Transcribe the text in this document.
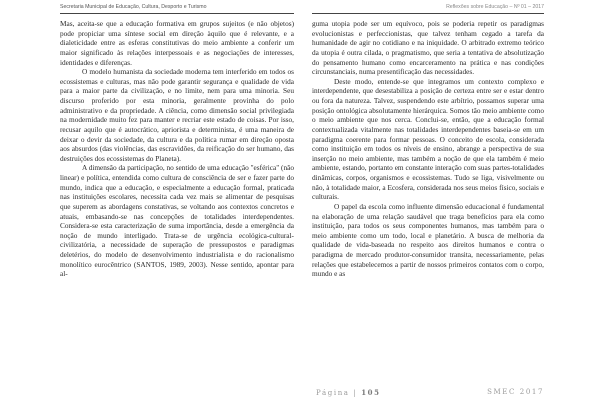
Secretaria Municipal de Educação, Cultura, Desporto e Turismo

Mas, aceita-se que a educação formativa em grupos sujeitos (e não objetos) pode propiciar uma síntese social em direção àquilo que é relevante, e a dialeticidade entre as esferas constitutivas do meio ambiente a conferir um maior significado às relações interpessoais e as negociações de interesses, identidades e diferenças.

O modelo humanista da sociedade moderna tem interferido em todos os ecossistemas e culturas, mas não pode garantir segurança e qualidade de vida para a maior parte da civilização, e no limite, nem para uma minoria. Seu discurso proferido por esta minoria, geralmente provinha do polo administrativo e da propriedade. A ciência, como dimensão social privilegiada na modernidade muito fez para manter e recriar este estado de coisas. Por isso, recusar aquilo que é autocrático, apriorista e determinista, é uma maneira de deixar o devir da sociedade, da cultura e da política rumar em direção oposta aos absurdos (das violências, das escravidões, da reificação do ser humano, das destruições dos ecossistemas do Planeta).

A dimensão da participação, no sentido de uma educação "esférica" (não linear) e política, entendida como cultura de consciência de ser e fazer parte do mundo, indica que a educação, e especialmente a educação formal, praticada nas instituições escolares, necessita cada vez mais se alimentar de pesquisas que superem as abordagens constativas, se voltando aos contextos concretos e atuais, embasando-se nas concepções de totalidades interdependentes. Considera-se esta caracterização de suma importância, desde a emergência da noção de mundo interligado. Trata-se de urgência ecológica-cultural- civilizatória, a necessidade de superação de pressupostos e paradigmas deletérios, do modelo de desenvolvimento industrialista e do racionalismo monolítico eurocêntrico (SANTOS, 1989, 2003). Nesse sentido, apontar para al-

Reflexões sobre Educação – Nº 01 – 2017

guma utopia pode ser um equívoco, pois se poderia repetir os paradigmas evolucionistas e perfeccionistas, que talvez tenham cegado a tarefa da humanidade de agir no cotidiano e na iniquidade. O arbitrado extremo teórico da utopia é outra cilada, o pragmatismo, que seria a tentativa de absolutização do pensamento humano como encarceramento na prática e nas condições circunstanciais, numa presentificação das necessidades.

Deste modo, entende-se que integramos um contexto complexo e interdependente, que desestabiliza a posição de certeza entre ser e estar dentro ou fora da natureza. Talvez, suspendendo este arbítrio, possamos superar uma posição ontológica absolutamente hierárquica. Somos tão meio ambiente como o meio ambiente que nos cerca. Conclui-se, então, que a educação formal contextualizada vitalmente nas totalidades interdependentes baseia-se em um paradigma coerente para formar pessoas. O conceito de escola, considerada como instituição em todos os níveis de ensino, abrange a perspectiva de sua inserção no meio ambiente, mas também a noção de que ela também é meio ambiente, estando, portanto em constante interação com suas partes-totalidades dinâmicas, corpos, organismos e ecossistemas. Tudo se liga, visivelmente ou não, à totalidade maior, a Ecosfera, considerada nos seus meios físico, sociais e culturais.

O papel da escola como influente dimensão educacional é fundamental na elaboração de uma relação saudável que traga benefícios para ela como instituição, para todos os seus componentes humanos, mas também para o meio ambiente como um todo, local e planetário. A busca de melhoria da qualidade de vida-baseada no respeito aos direitos humanos e contra o paradigma de mercado produtor-consumidor transita, necessariamente, pelas relações que estabelecemos a partir de nossos primeiros contatos com o corpo, mundo e as

Página | 105	SMEC 2017
